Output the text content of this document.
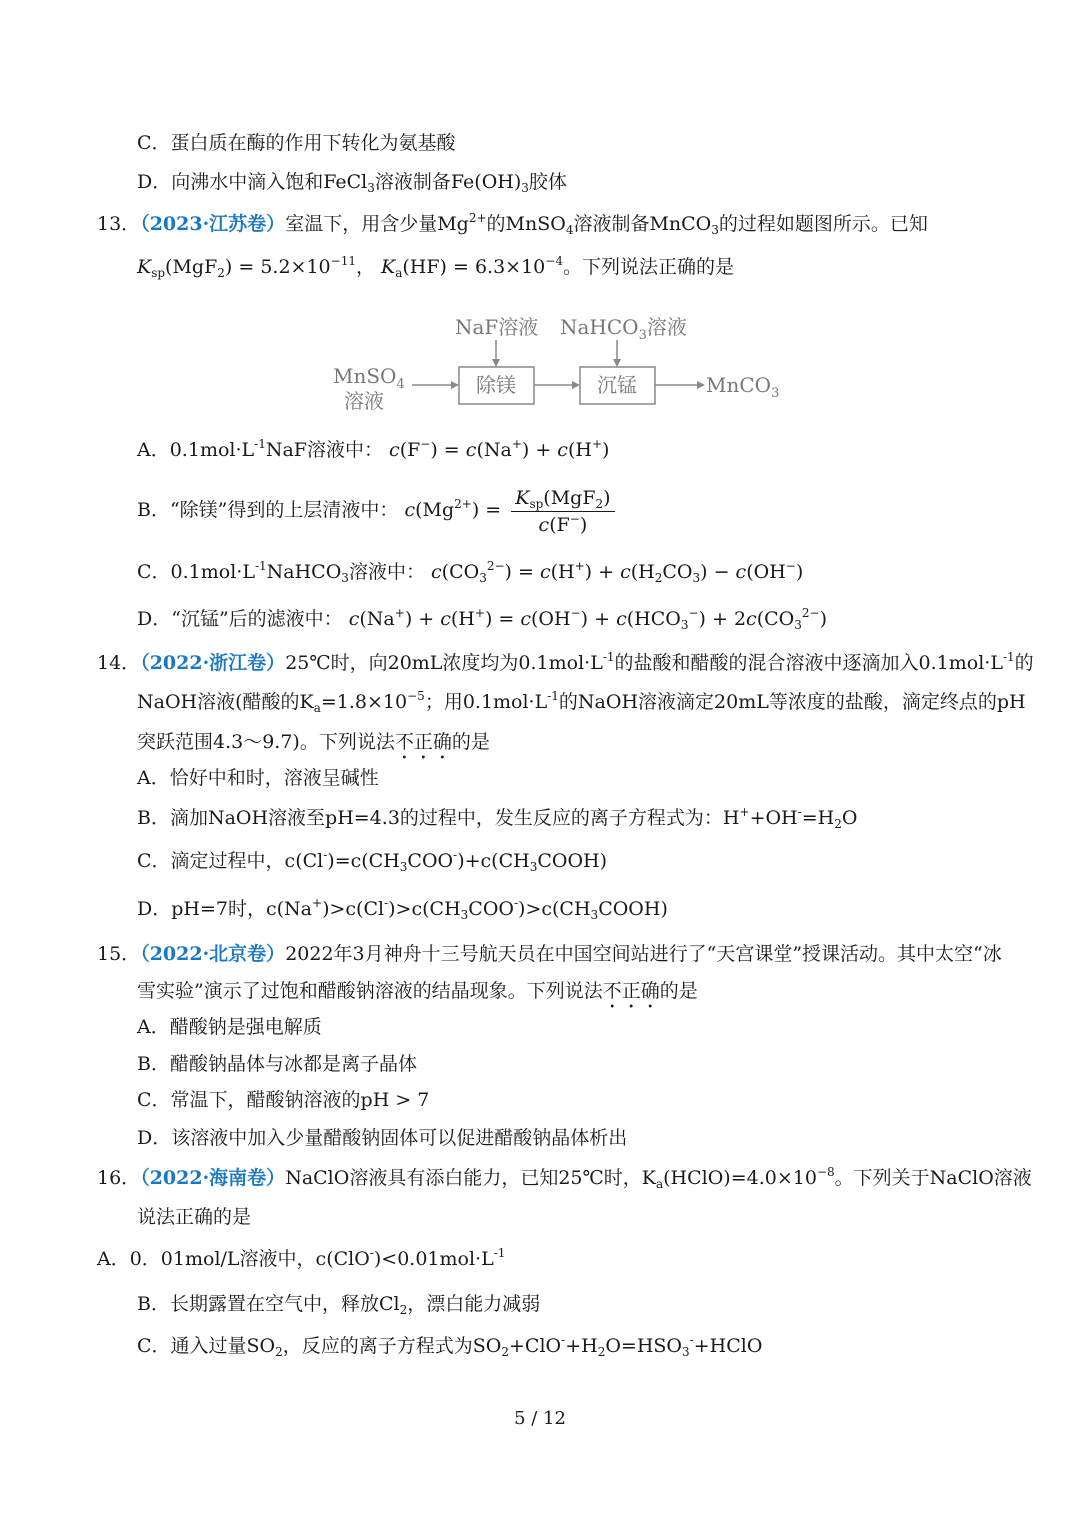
C．蛋白质在酶的作用下转化为氨基酸
D．向沸水中滴入饱和FeCl$_3$溶液制备$Fe(OH)_3$胶体
13．（2023·江苏卷）室温下，用含少量$Mg^{2+}$的MnSO$_4$溶液制备MnCO$_3$的过程如题图所示。已知
$K_{sp}(MgF_2) = 5.2\times 10^{-11}$， $K_a(HF) = 6.3\times 10^{-4}$。下列说法正确的是
NaF溶液 NaHCO$_3$溶液
MnSO$_4$
溶液
除镁	沉锰	MnCO$_3$
A．$0.1mol\cdot L^{-1}NaF$溶液中： c(F−) = c(Na+) + c(H+)
B．“除镁”得到的上层清液中： $c(Mg^{2+}) = \frac{K_{sp}(MgF_2)}{c(F^-)}$
C．$0.1mol\cdot L^{-1}NaHCO_3$溶液中： $c(CO_3^{2-}) = c(H^+) + c(H_2CO_3) - c(OH^-)$
D．“沉锰”后的滤液中： $c(Na^+) + c(H^+) = c(OH^-) + c(HCO_3^-) + 2c(CO_3^{2-})$
14．（2022·浙江卷）25℃时，向20mL浓度均为$0.1mol\cdot L^{-1}$的盐酸和醋酸的混合溶液中逐滴加入$0.1mol\cdot L^{-1}$的
NaOH溶液(醋酸的$K_a=1.8\times 10^{-5}$；用$0.1mol\cdot L^{-1}$的NaOH溶液滴定20mL等浓度的盐酸，滴定终点的pH
突跃范围4.3～9.7)。下列说法不正确的是
A．恰好中和时，溶液呈碱性
B．滴加NaOH溶液至pH=4.3的过程中，发生反应的离子方程式为：$H^++OH^-=H_2O$
C．滴定过程中，$c(Cl^-)=c(CH_3COO^-)+c(CH_3COOH)$
D．pH=7时，$c(Na^+)>c(Cl^-)>c(CH_3COO^-)>c(CH_3COOH)$
15．（2022·北京卷）2022年3月神舟十三号航天员在中国空间站进行了“天宫课堂”授课活动。其中太空“冰
雪实验”演示了过饱和醋酸钠溶液的结晶现象。下列说法不正确的是
A．醋酸钠是强电解质
B．醋酸钠晶体与冰都是离子晶体
C．常温下，醋酸钠溶液的pH > 7
D．该溶液中加入少量醋酸钠固体可以促进醋酸钠晶体析出
16．（2022·海南卷）NaClO溶液具有添白能力，已知25℃时，$K_a(HClO)=4.0\times 10^{-8}$。下列关于NaClO溶液
说法正确的是
A．0．01mol/L溶液中，$c(ClO^-)<0.01mol\cdot L^{-1}$
B．长期露置在空气中，释放$Cl_2$，漂白能力减弱
C．通入过量$SO_2$，反应的离子方程式为$SO_2+ClO^-+H_2O=HSO_3^-+HClO$
5 / 12
